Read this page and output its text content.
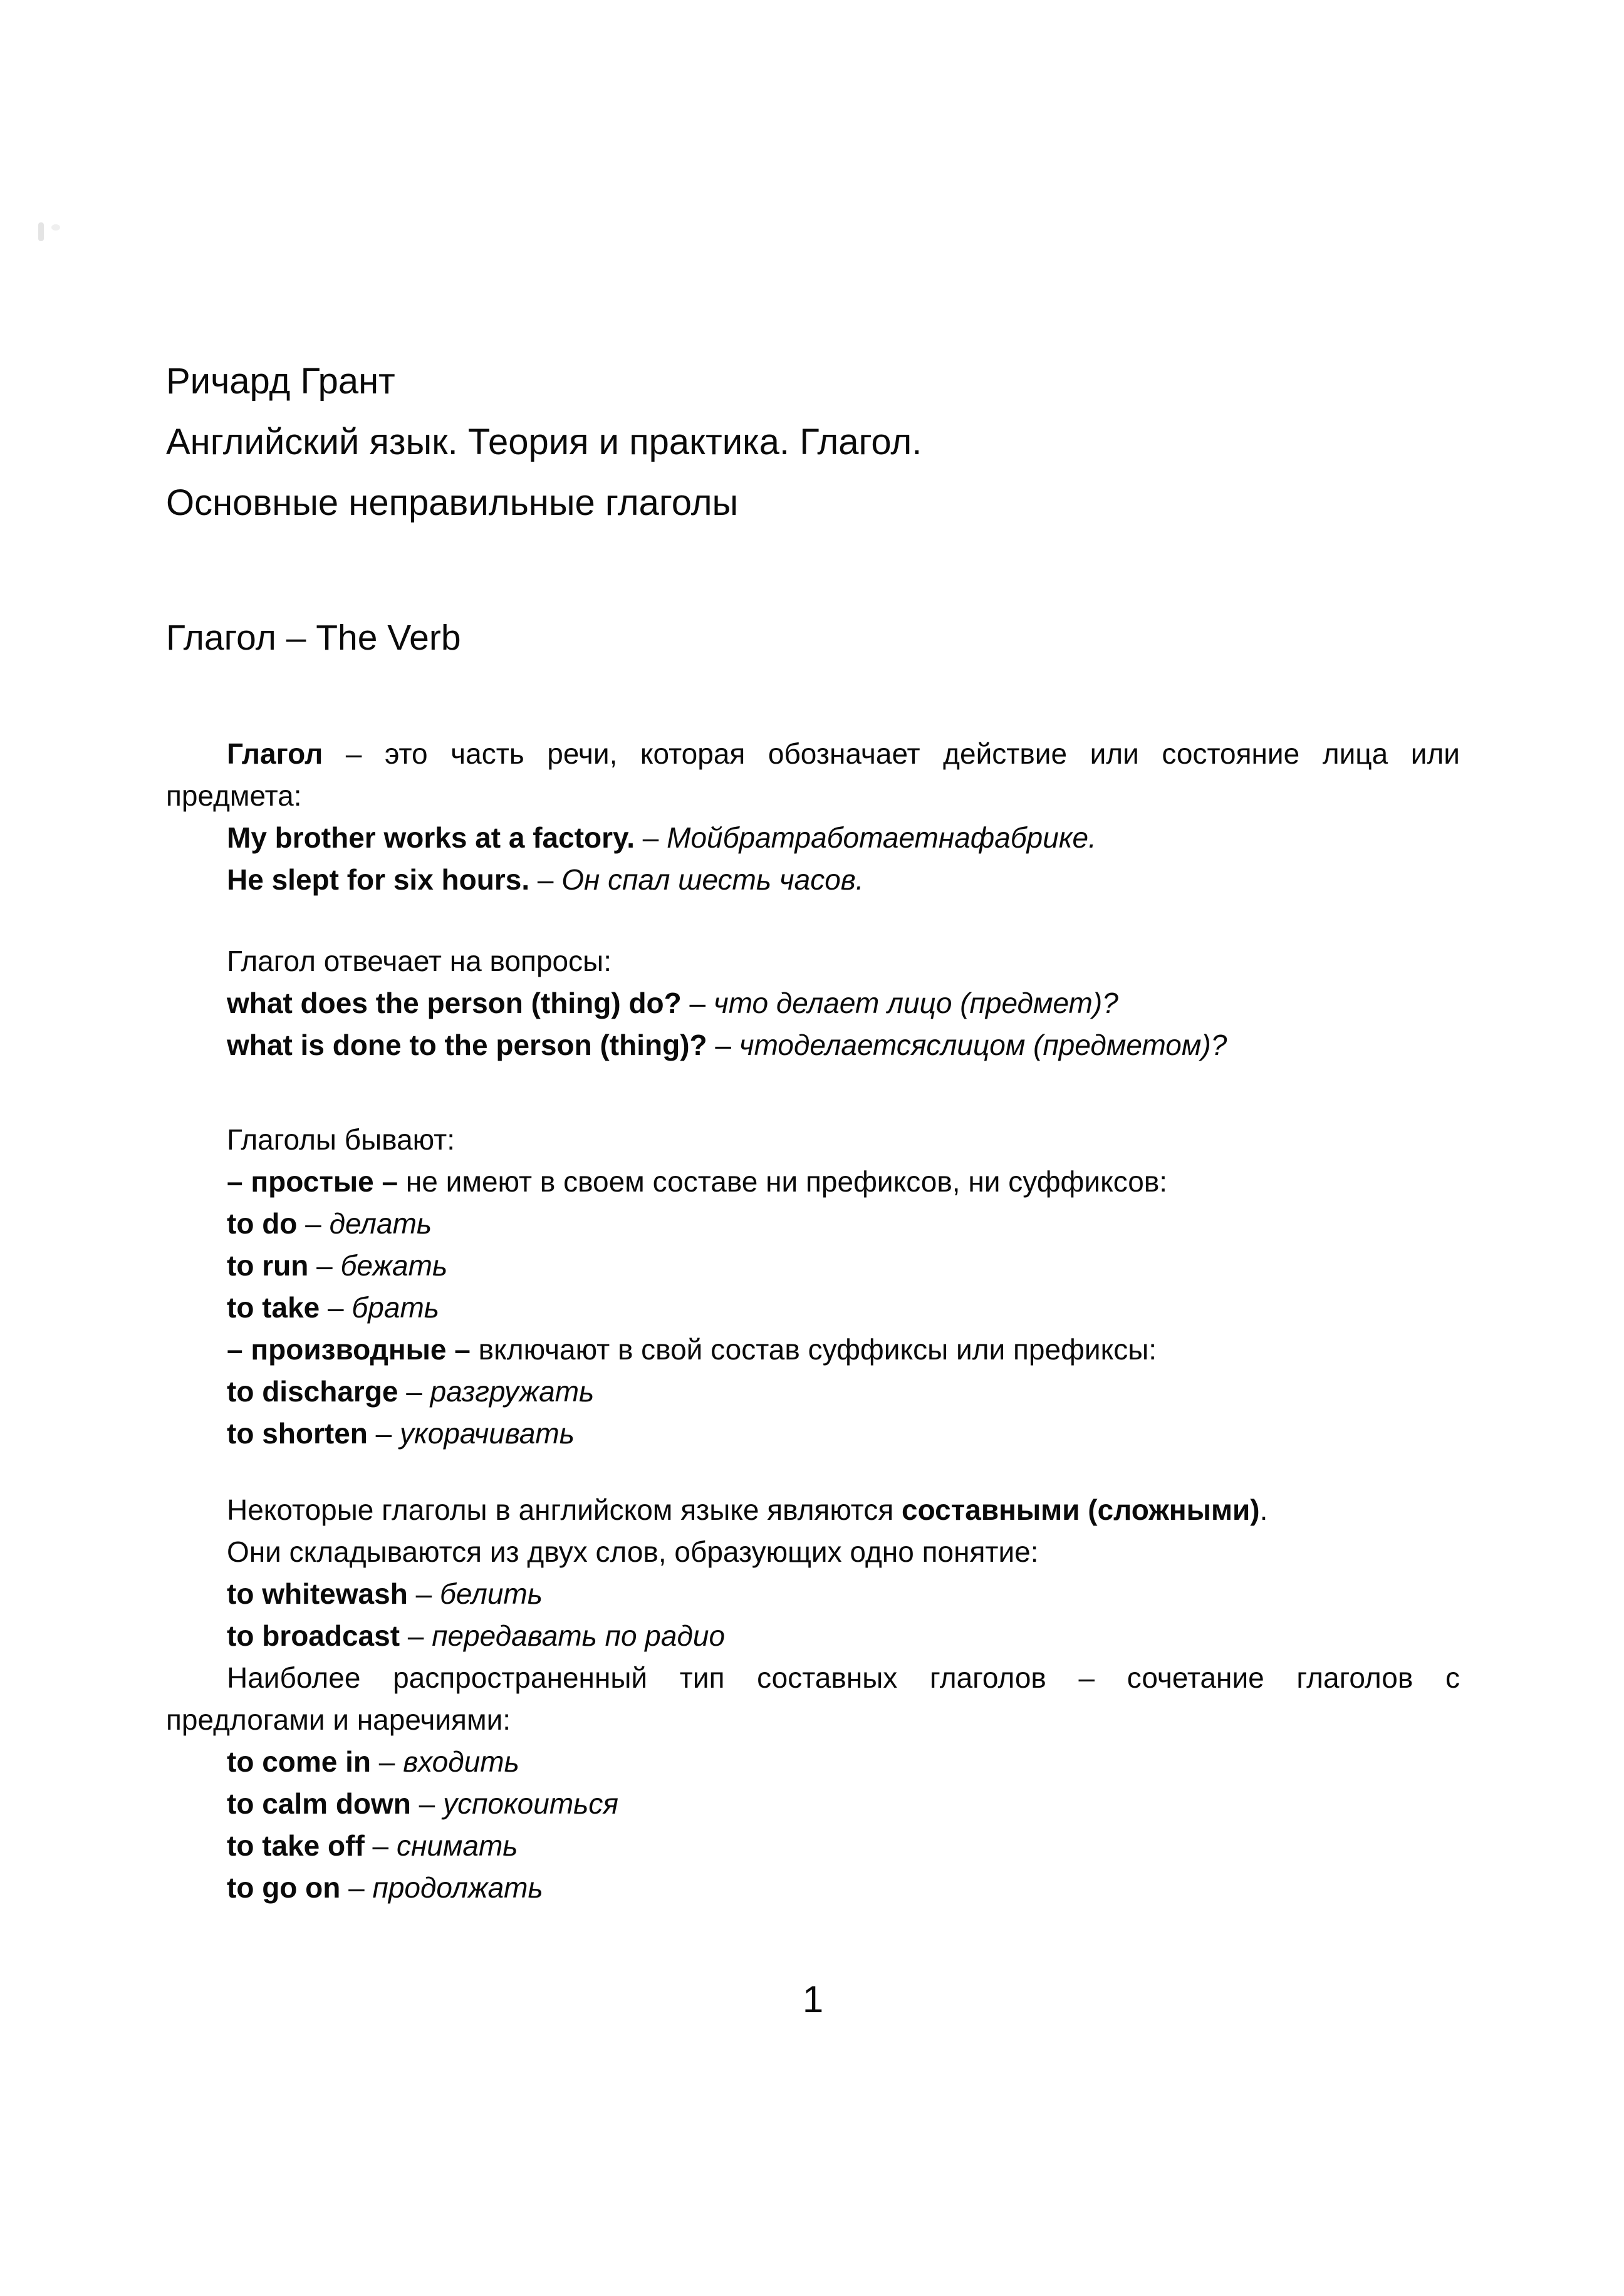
Ричард Грант
Английский язык. Теория и практика. Глагол.
Основные неправильные глаголы
Глагол – The Verb

Глагол – это часть речи, которая обозначает действие или состояние лица или

предмета:

My brother works at a factory. – Мойбратработаетнафабрике.

He slept for six hours. – Он спал шесть часов.

Глагол отвечает на вопросы:

what does the person (thing) do? – что делает лицо (предмет)?

what is done to the person (thing)? – чтоделаетсяслицом (предметом)?

Глаголы бывают:

– простые – не имеют в своем составе ни префиксов, ни суффиксов:

to do – делать

to run – бежать

to take – брать

– производные – включают в свой состав суффиксы или префиксы:

to discharge – разгружать

to shorten – укорачивать

Некоторые глаголы в английском языке являются составными (сложными).

Они складываются из двух слов, образующих одно понятие:

to whitewash – белить

to broadcast – передавать по радио

Наиболее распространенный тип составных глаголов – сочетание глаголов с

предлогами и наречиями:

to come in – входить

to calm down – успокоиться

to take off – снимать

to go on – продолжать

1
